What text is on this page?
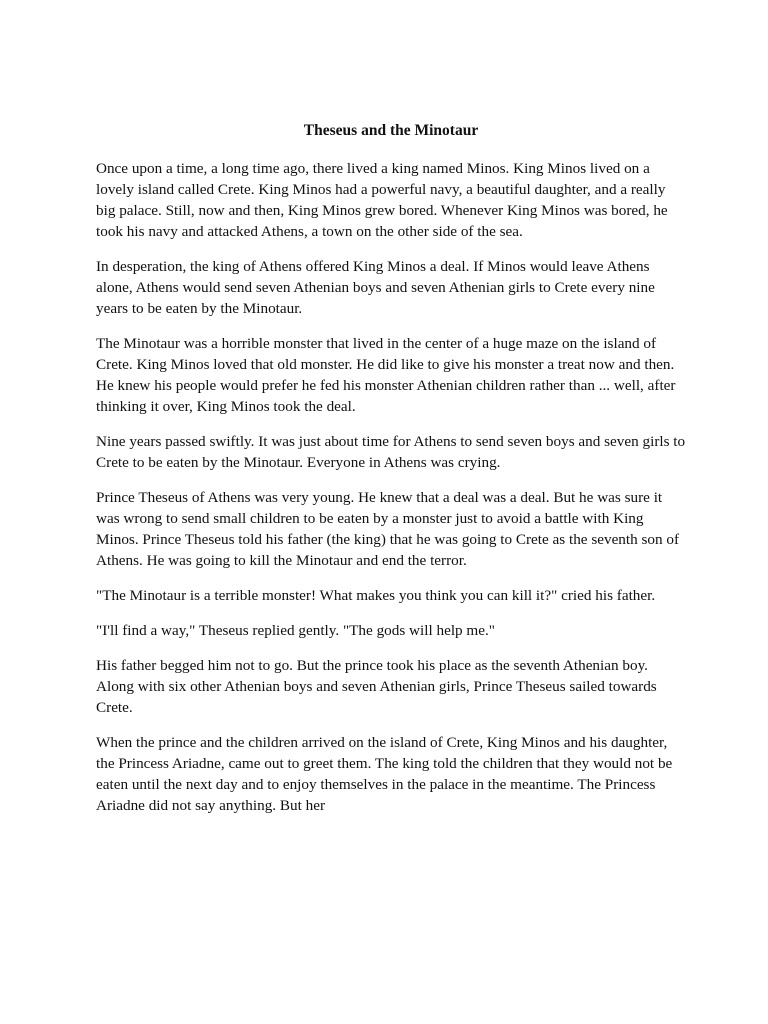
Theseus and the Minotaur

Once upon a time, a long time ago, there lived a king named Minos. King Minos lived on a lovely island called Crete. King Minos had a powerful navy, a beautiful daughter, and a really big palace. Still, now and then, King Minos grew bored. Whenever King Minos was bored, he took his navy and attacked Athens, a town on the other side of the sea.

In desperation, the king of Athens offered King Minos a deal. If Minos would leave Athens alone, Athens would send seven Athenian boys and seven Athenian girls to Crete every nine years to be eaten by the Minotaur.

The Minotaur was a horrible monster that lived in the center of a huge maze on the island of Crete. King Minos loved that old monster. He did like to give his monster a treat now and then. He knew his people would prefer he fed his monster Athenian children rather than ... well, after thinking it over, King Minos took the deal.

Nine years passed swiftly. It was just about time for Athens to send seven boys and seven girls to Crete to be eaten by the Minotaur. Everyone in Athens was crying.

Prince Theseus of Athens was very young. He knew that a deal was a deal. But he was sure it was wrong to send small children to be eaten by a monster just to avoid a battle with King Minos. Prince Theseus told his father (the king) that he was going to Crete as the seventh son of Athens. He was going to kill the Minotaur and end the terror.

"The Minotaur is a terrible monster! What makes you think you can kill it?" cried his father.

"I'll find a way," Theseus replied gently. "The gods will help me."

His father begged him not to go. But the prince took his place as the seventh Athenian boy. Along with six other Athenian boys and seven Athenian girls, Prince Theseus sailed towards Crete.

When the prince and the children arrived on the island of Crete, King Minos and his daughter, the Princess Ariadne, came out to greet them. The king told the children that they would not be eaten until the next day and to enjoy themselves in the palace in the meantime. The Princess Ariadne did not say anything. But her
